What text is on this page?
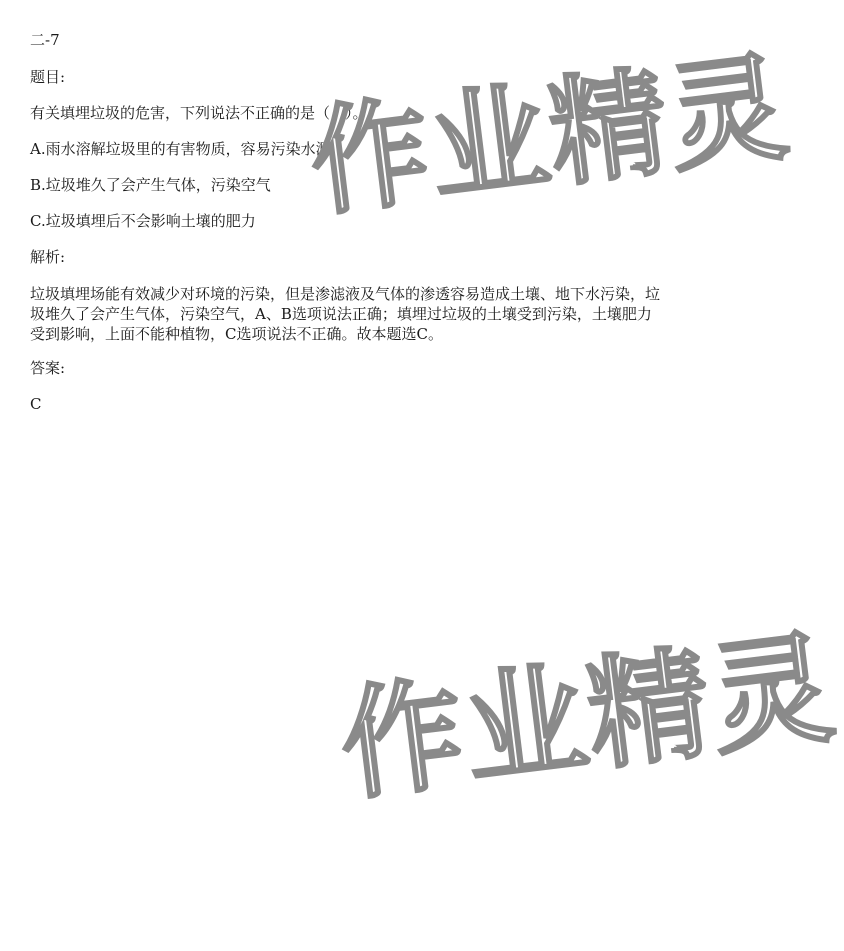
二-7
题目:
有关填埋垃圾的危害，下列说法不正确的是（　）。
A.雨水溶解垃圾里的有害物质，容易污染水源
B.垃圾堆久了会产生气体，污染空气
C.垃圾填埋后不会影响土壤的肥力
解析:
垃圾填埋场能有效减少对环境的污染，但是渗滤液及气体的渗透容易造成土壤、地下水污染，垃圾堆久了会产生气体，污染空气，A、B选项说法正确；填埋过垃圾的土壤受到污染，土壤肥力受到影响，上面不能种植物，C选项说法不正确。故本题选C。
答案:
C
作业精灵
作业精灵
